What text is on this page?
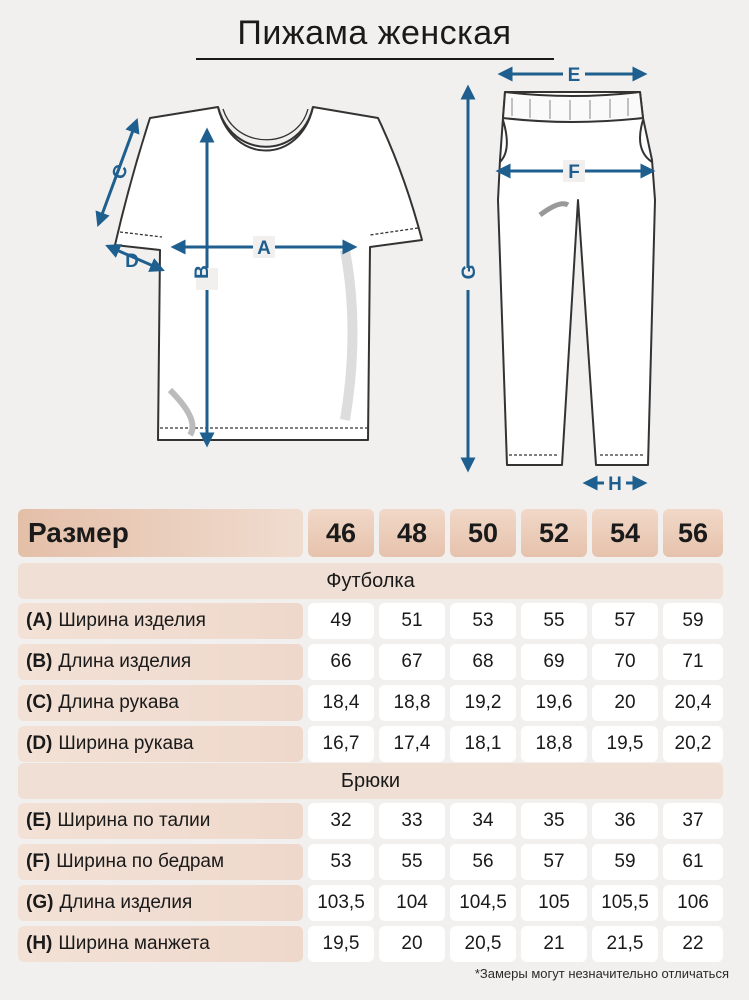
Пижама женская
A
B
C
D
E
F
G
H
Размер	46	48	50	52	54	56
Футболка
Брюки
(A) Ширина изделия	49	51	53	55	57	59
(B) Длина изделия	66	67	68	69	70	71
(C) Длина рукава	18,4	18,8	19,2	19,6	20	20,4
(D) Ширина рукава	16,7	17,4	18,1	18,8	19,5	20,2
(E) Ширина по талии	32	33	34	35	36	37
(F) Ширина по бедрам	53	55	56	57	59	61
(G) Длина изделия	103,5	104	104,5	105	105,5	106
(H) Ширина манжета	19,5	20	20,5	21	21,5	22
*Замеры могут незначительно отличаться
